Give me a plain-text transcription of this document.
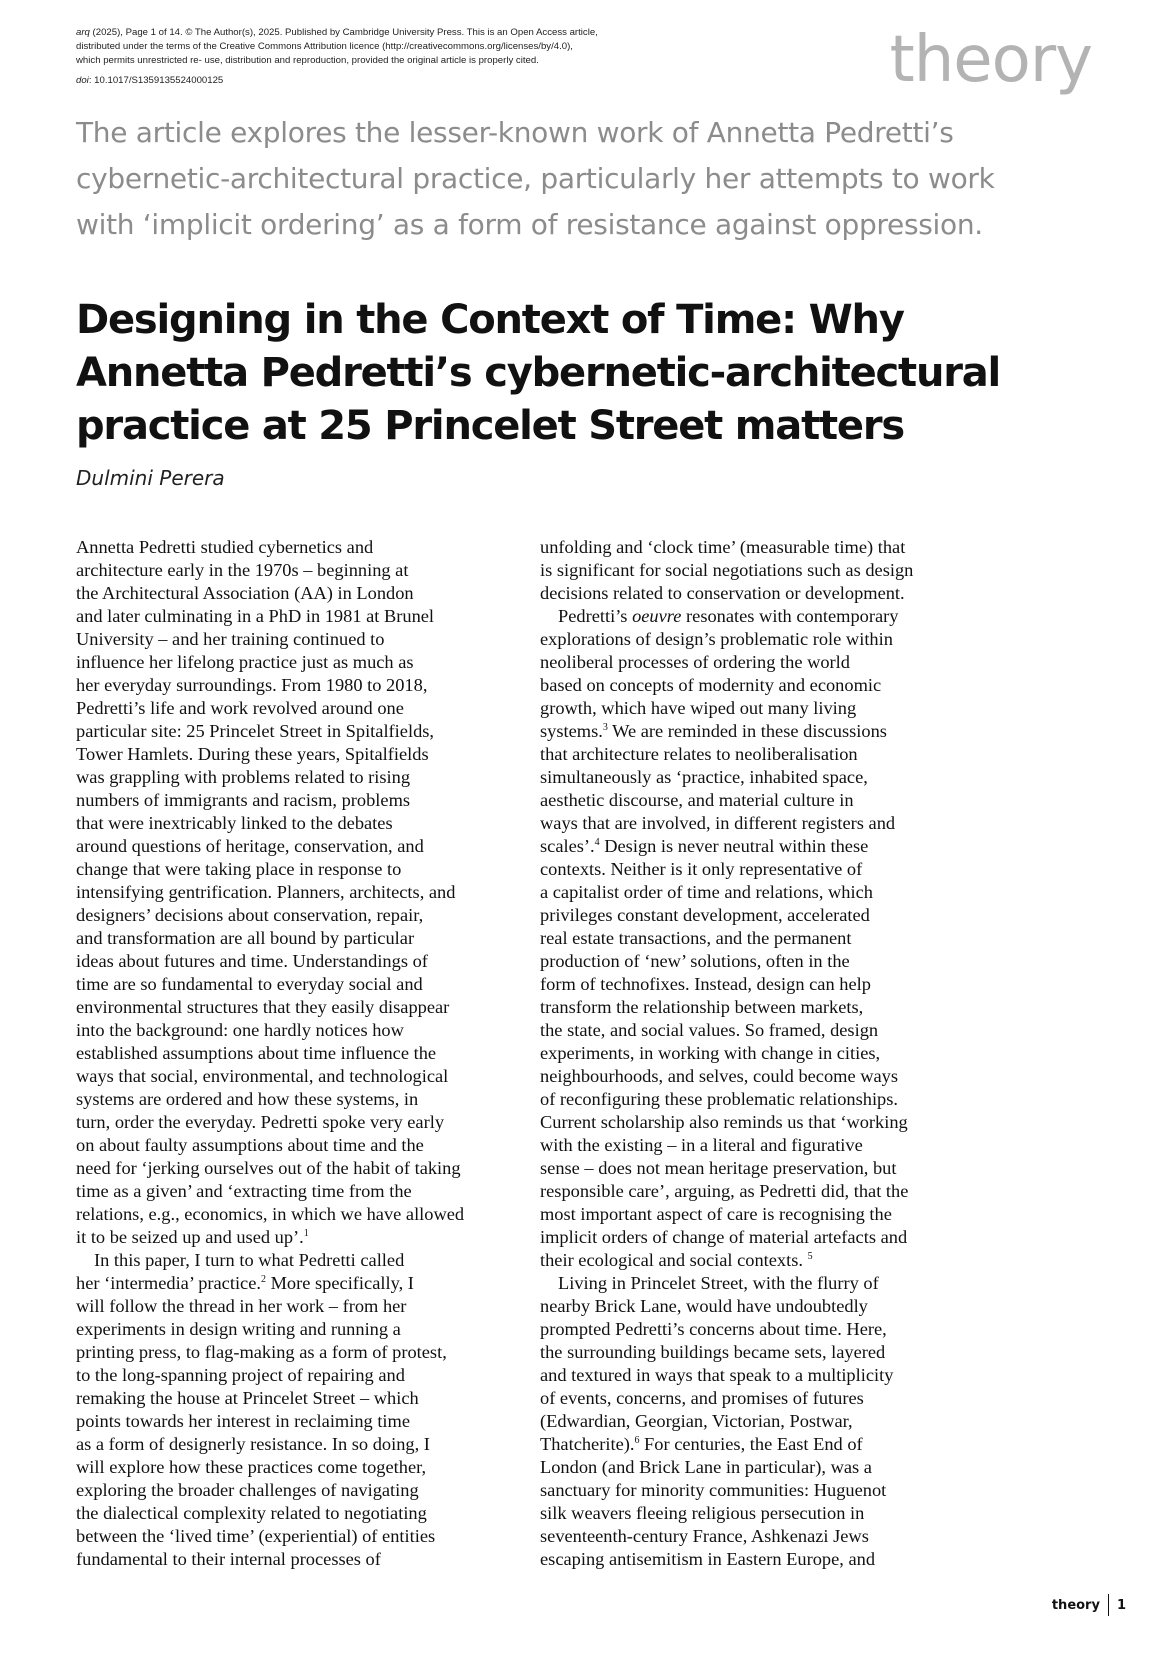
arq (2025), Page 1 of 14. © The Author(s), 2025. Published by Cambridge University Press. This is an Open Access article,
distributed under the terms of the Creative Commons Attribution licence (http://creativecommons.org/licenses/by/4.0),
which permits unrestricted re- use, distribution and reproduction, provided the original article is properly cited.
doi: 10.1017/S1359135524000125	theory
The article explores the lesser-known work of Annetta Pedretti’s
cybernetic-architectural practice, particularly her attempts to work
with ‘implicit ordering’ as a form of resistance against oppression.
Designing in the Context of Time: Why
Annetta Pedretti’s cybernetic-architectural
practice at 25 Princelet Street matters
Dulmini Perera
Annetta Pedretti studied cybernetics and
architecture early in the 1970s – beginning at
the Architectural Association (AA) in London
and later culminating in a PhD in 1981 at Brunel
University – and her training continued to
influence her lifelong practice just as much as
her everyday surroundings. From 1980 to 2018,
Pedretti’s life and work revolved around one
particular site: 25 Princelet Street in Spitalfields,
Tower Hamlets. During these years, Spitalfields
was grappling with problems related to rising
numbers of immigrants and racism, problems
that were inextricably linked to the debates
around questions of heritage, conservation, and
change that were taking place in response to
intensifying gentrification. Planners, architects, and
designers’ decisions about conservation, repair,
and transformation are all bound by particular
ideas about futures and time. Understandings of
time are so fundamental to everyday social and
environmental structures that they easily disappear
into the background: one hardly notices how
established assumptions about time influence the
ways that social, environmental, and technological
systems are ordered and how these systems, in
turn, order the everyday. Pedretti spoke very early
on about faulty assumptions about time and the
need for ‘jerking ourselves out of the habit of taking
time as a given’ and ‘extracting time from the
relations, e.g., economics, in which we have allowed
it to be seized up and used up’.$^1$
In this paper, I turn to what Pedretti called
her ‘intermedia’ practice.$^2$ More specifically, I
will follow the thread in her work – from her
experiments in design writing and running a
printing press, to flag-making as a form of protest,
to the long-spanning project of repairing and
remaking the house at Princelet Street – which
points towards her interest in reclaiming time
as a form of designerly resistance. In so doing, I
will explore how these practices come together,
exploring the broader challenges of navigating
the dialectical complexity related to negotiating
between the ‘lived time’ (experiential) of entities
fundamental to their internal processes of
unfolding and ‘clock time’ (measurable time) that
is significant for social negotiations such as design
decisions related to conservation or development.
Pedretti’s oeuvre resonates with contemporary
explorations of design’s problematic role within
neoliberal processes of ordering the world
based on concepts of modernity and economic
growth, which have wiped out many living
systems.$^3$ We are reminded in these discussions
that architecture relates to neoliberalisation
simultaneously as ‘practice, inhabited space,
aesthetic discourse, and material culture in
ways that are involved, in different registers and
scales’.$^4$ Design is never neutral within these
contexts. Neither is it only representative of
a capitalist order of time and relations, which
privileges constant development, accelerated
real estate transactions, and the permanent
production of ‘new’ solutions, often in the
form of technofixes. Instead, design can help
transform the relationship between markets,
the state, and social values. So framed, design
experiments, in working with change in cities,
neighbourhoods, and selves, could become ways
of reconfiguring these problematic relationships.
Current scholarship also reminds us that ‘working
with the existing – in a literal and figurative
sense – does not mean heritage preservation, but
responsible care’, arguing, as Pedretti did, that the
most important aspect of care is recognising the
implicit orders of change of material artefacts and
their ecological and social contexts. $^5$
Living in Princelet Street, with the flurry of
nearby Brick Lane, would have undoubtedly
prompted Pedretti’s concerns about time. Here,
the surrounding buildings became sets, layered
and textured in ways that speak to a multiplicity
of events, concerns, and promises of futures
(Edwardian, Georgian, Victorian, Postwar,
Thatcherite).$^6$ For centuries, the East End of
London (and Brick Lane in particular), was a
sanctuary for minority communities: Huguenot
silk weavers fleeing religious persecution in
seventeenth-century France, Ashkenazi Jews
escaping antisemitism in Eastern Europe, and
theory 1
